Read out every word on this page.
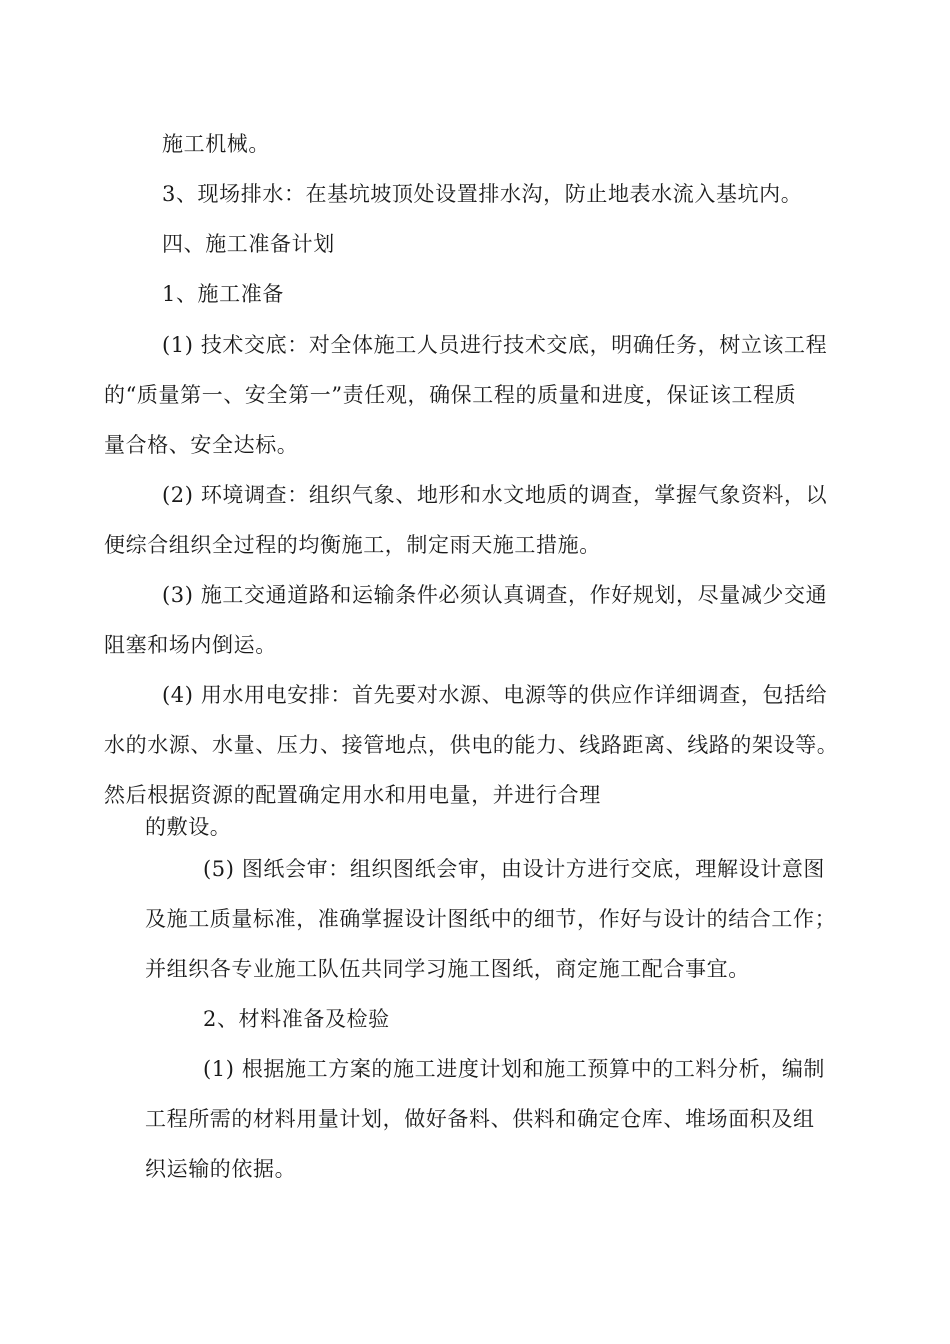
施工机械。

3、现场排水：在基坑坡顶处设置排水沟，防止地表水流入基坑内。

四、施工准备计划

1、施工准备

(1) 技术交底：对全体施工人员进行技术交底，明确任务，树立该工程

的“质量第一、安全第一”责任观，确保工程的质量和进度，保证该工程质

量合格、安全达标。

(2) 环境调查：组织气象、地形和水文地质的调查，掌握气象资料，以

便综合组织全过程的均衡施工，制定雨天施工措施。

(3) 施工交通道路和运输条件必须认真调查，作好规划，尽量减少交通

阻塞和场内倒运。

(4) 用水用电安排：首先要对水源、电源等的供应作详细调查，包括给

水的水源、水量、压力、接管地点，供电的能力、线路距离、线路的架设等。

然后根据资源的配置确定用水和用电量，并进行合理

的敷设。

(5) 图纸会审：组织图纸会审，由设计方进行交底，理解设计意图

及施工质量标准，准确掌握设计图纸中的细节，作好与设计的结合工作；

并组织各专业施工队伍共同学习施工图纸，商定施工配合事宜。

2、材料准备及检验

(1) 根据施工方案的施工进度计划和施工预算中的工料分析，编制

工程所需的材料用量计划，做好备料、供料和确定仓库、堆场面积及组

织运输的依据。
